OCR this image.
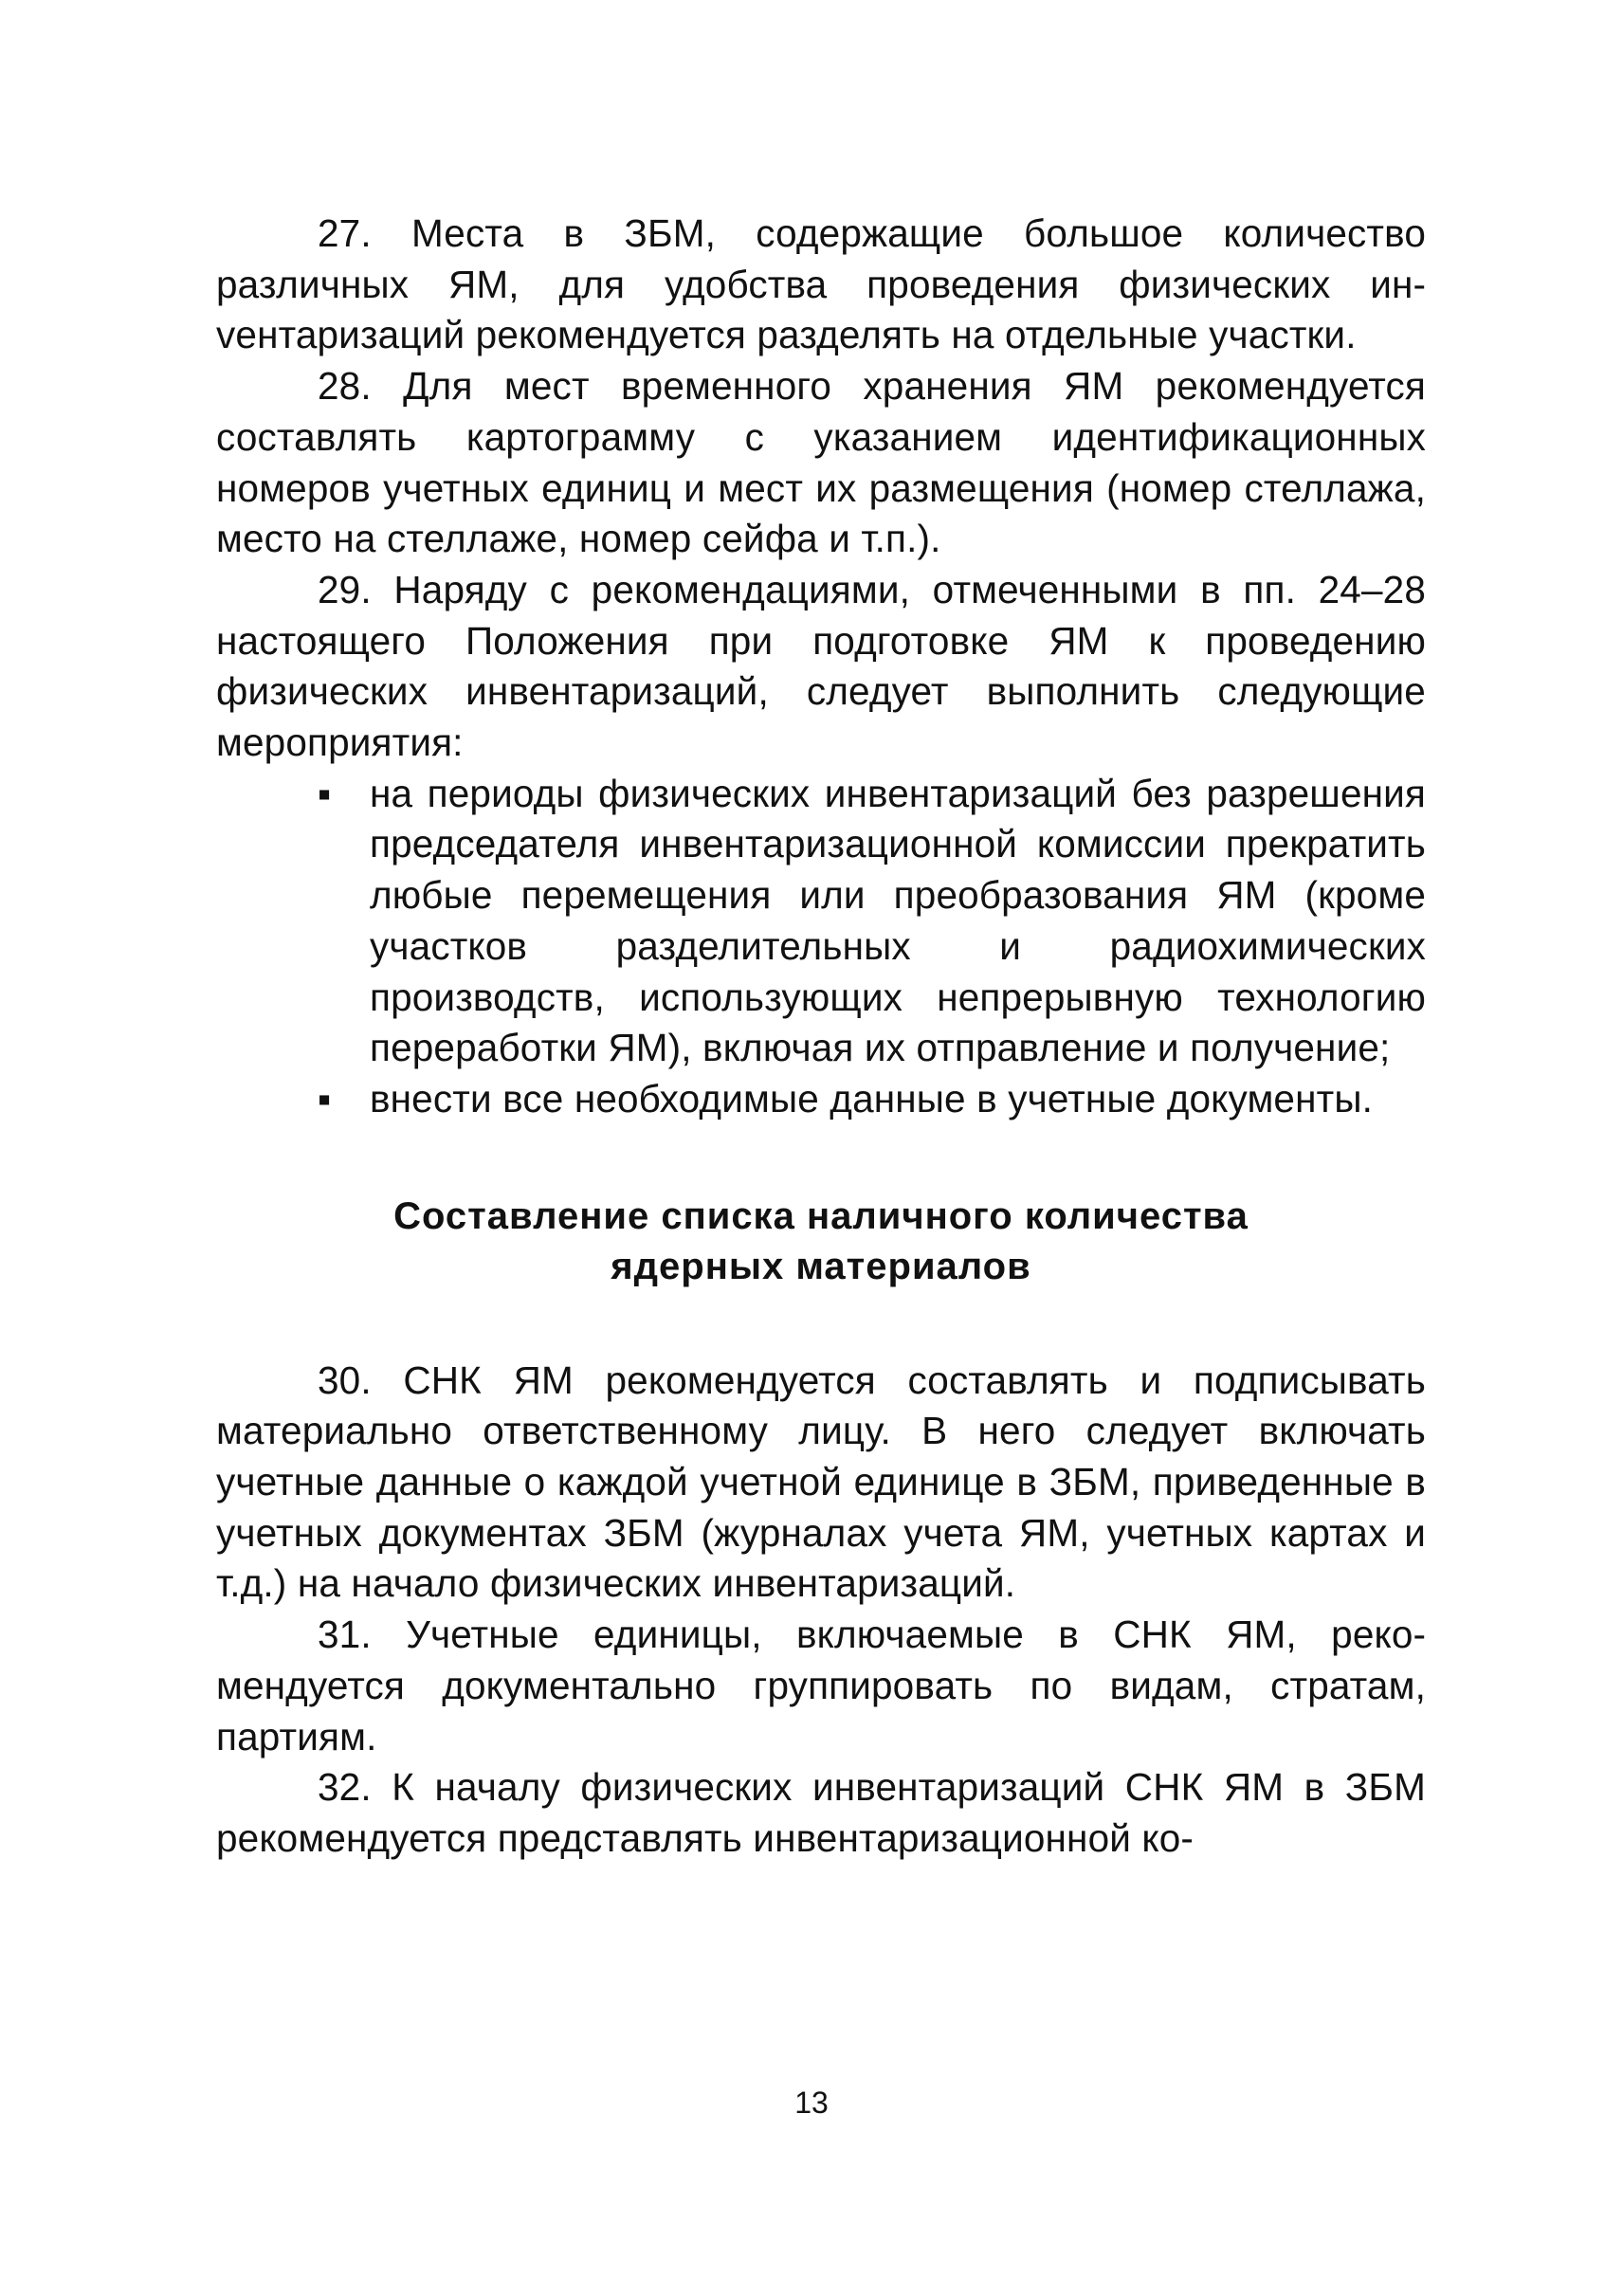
27. Места в ЗБМ, содержащие большое количество различных ЯМ, для удобства проведения физических инvентаризаций рекомендуется разделять на отдельные участки.

28. Для мест временного хранения ЯМ рекомендуется составлять картограмму с указанием идентификационных номеров учетных единиц и мест их размещения (номер стеллажа, место на стеллаже, номер сейфа и т.п.).

29. Наряду с рекомендациями, отмеченными в пп. 24–28 настоящего Положения при подготовке ЯМ к проведению физических инвентаризаций, следует выполнить следующие мероприятия:

▪ на периоды физических инвентаризаций без разрешения председателя инвентаризационной комиссии прекратить любые перемещения или преобразования ЯМ (кроме участков разделительных и радиохимических производств, использующих непрерывную технологию переработки ЯМ), включая их отправление и получение;
▪ внести все необходимые данные в учетные документы.
Составление списка наличного количества
ядерных материалов

30. СНК ЯМ рекомендуется составлять и подписывать материально ответственному лицу. В него следует включать учетные данные о каждой учетной единице в ЗБМ, приведенные в учетных документах ЗБМ (журналах учета ЯМ, учетных картах и т.д.) на начало физических инвентаризаций.

31. Учетные единицы, включаемые в СНК ЯМ, рекомендуется документально группировать по видам, стратам, партиям.

32. К началу физических инвентаризаций СНК ЯМ в ЗБМ рекомендуется представлять инвентаризационной ко-

13
